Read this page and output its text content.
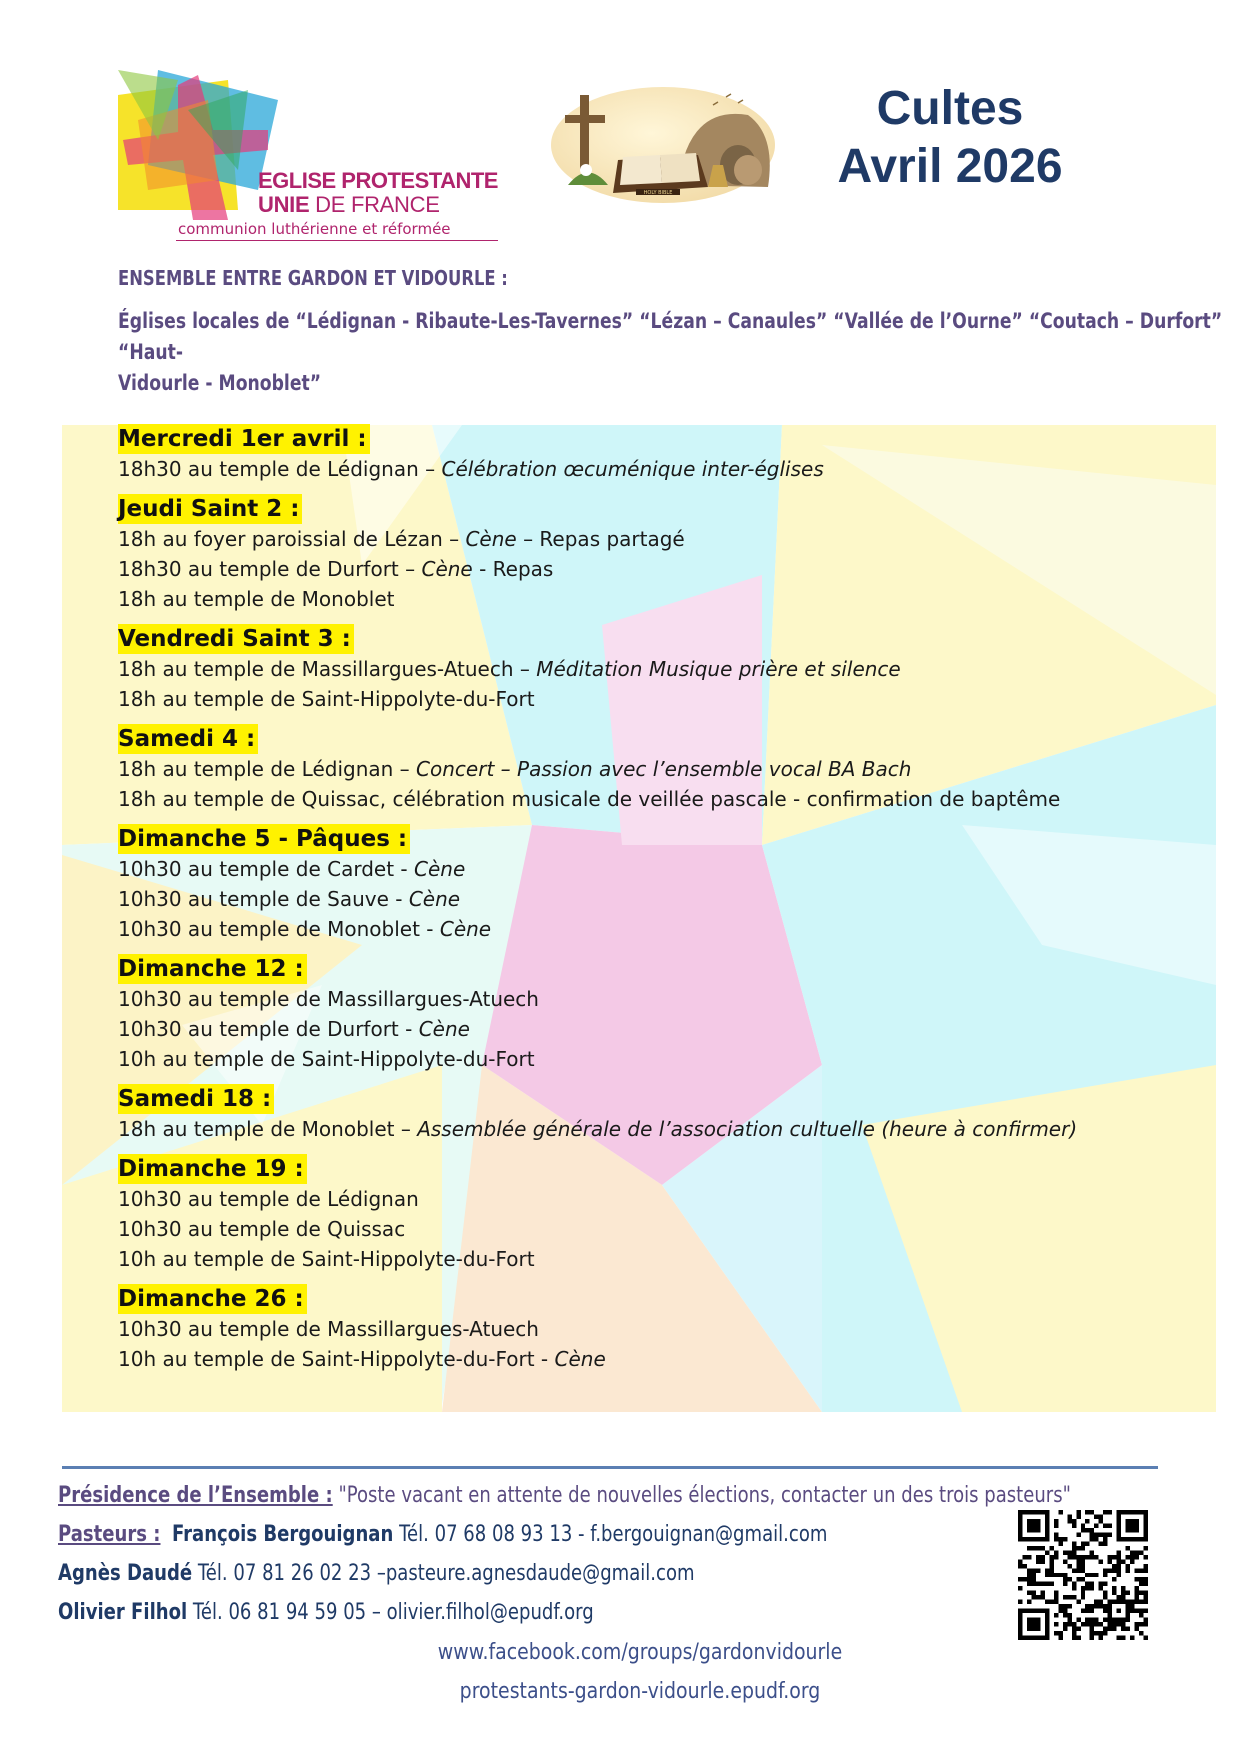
EGLISE PROTESTANTE
UNIE DE FRANCE
communion luthérienne et réformée
HOLY BIBLE
Cultes
Avril 2026
ENSEMBLE ENTRE GARDON ET VIDOURLE :
Églises locales de “Lédignan - Ribaute-Les-Tavernes” “Lézan – Canaules” “Vallée de l’Ourne” “Coutach – Durfort” “Haut-
Vidourle - Monoblet”
Mercredi 1er avril :
18h30 au temple de Lédignan – Célébration œcuménique inter-églises
Jeudi Saint 2 :
18h au foyer paroissial de Lézan – Cène – Repas partagé
18h30 au temple de Durfort – Cène - Repas
18h au temple de Monoblet
Vendredi Saint 3 :
18h au temple de Massillargues-Atuech – Méditation Musique prière et silence
18h au temple de Saint-Hippolyte-du-Fort
Samedi 4 :
18h au temple de Lédignan – Concert – Passion avec l’ensemble vocal BA Bach
18h au temple de Quissac, célébration musicale de veillée pascale - confirmation de baptême
Dimanche 5 - Pâques :
10h30 au temple de Cardet - Cène
10h30 au temple de Sauve - Cène
10h30 au temple de Monoblet - Cène
Dimanche 12 :
10h30 au temple de Massillargues-Atuech
10h30 au temple de Durfort - Cène
10h au temple de Saint-Hippolyte-du-Fort
Samedi 18 :
18h au temple de Monoblet – Assemblée générale de l’association cultuelle (heure à confirmer)
Dimanche 19 :
10h30 au temple de Lédignan
10h30 au temple de Quissac
10h au temple de Saint-Hippolyte-du-Fort
Dimanche 26 :
10h30 au temple de Massillargues-Atuech
10h au temple de Saint-Hippolyte-du-Fort - Cène
Présidence de l’Ensemble : "Poste vacant en attente de nouvelles élections, contacter un des trois pasteurs"
Pasteurs : François Bergouignan Tél. 07 68 08 93 13 - f.bergouignan@gmail.com
Agnès Daudé Tél. 07 81 26 02 23 –pasteure.agnesdaude@gmail.com
Olivier Filhol Tél. 06 81 94 59 05 – olivier.filhol@epudf.org
www.facebook.com/groups/gardonvidourle
protestants-gardon-vidourle.epudf.org
